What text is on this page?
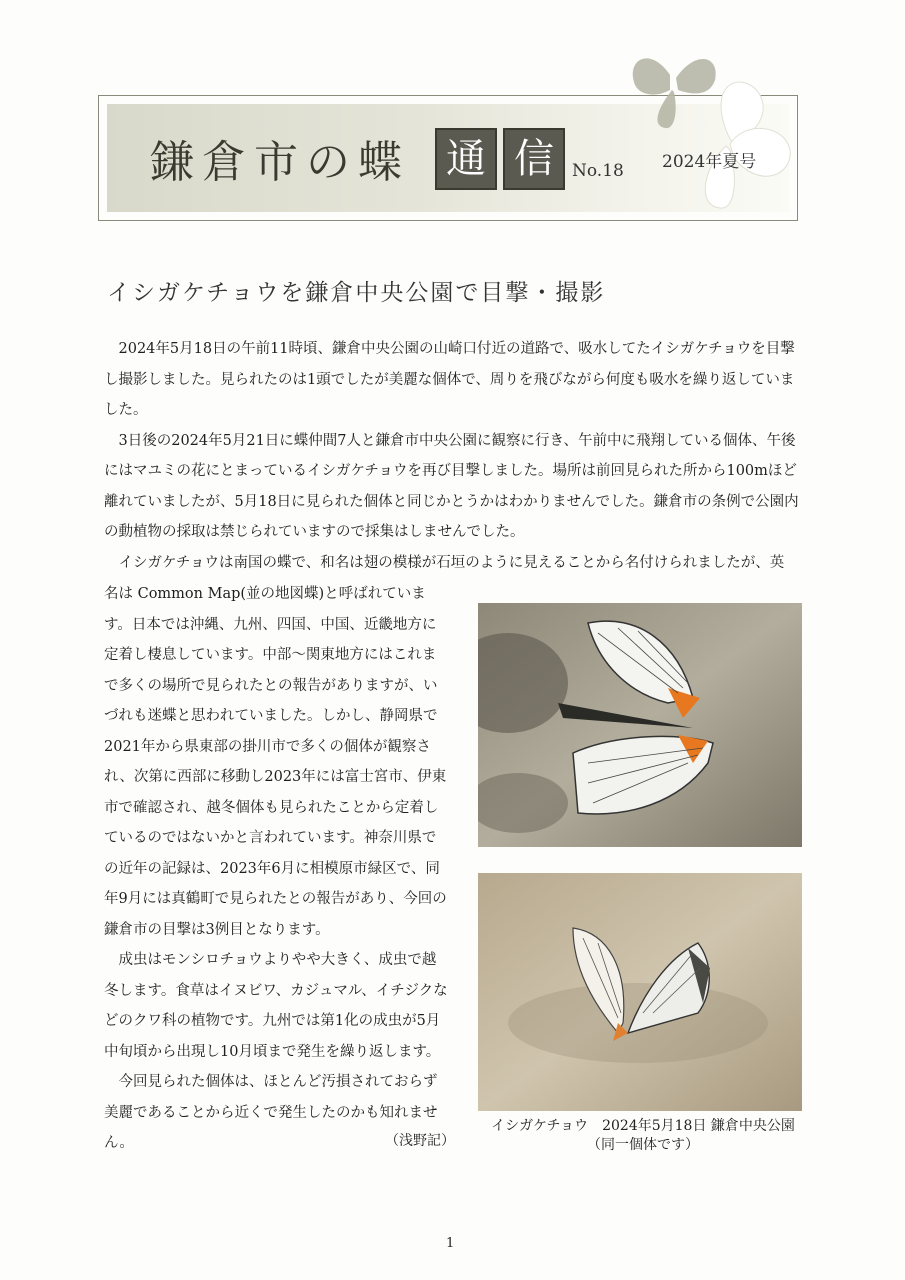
鎌倉市の蝶 通 信	No.18 2024年夏号
イシガケチョウを鎌倉中央公園で目撃・撮影

2024年5月18日の午前11時頃、鎌倉中央公園の山崎口付近の道路で、吸水してたイシガケチョウを目撃し撮影しました。見られたのは1頭でしたが美麗な個体で、周りを飛びながら何度も吸水を繰り返していました。

3日後の2024年5月21日に蝶仲間7人と鎌倉市中央公園に観察に行き、午前中に飛翔している個体、午後にはマユミの花にとまっているイシガケチョウを再び目撃しました。場所は前回見られた所から100mほど離れていましたが、5月18日に見られた個体と同じかとうかはわかりませんでした。鎌倉市の条例で公園内の動植物の採取は禁じられていますので採集はしませんでした。

イシガケチョウは南国の蝶で、和名は翅の模様が石垣のように見えることから名付けられましたが、英

名は Common Map(並の地図蝶)と呼ばれています。日本では沖縄、九州、四国、中国、近畿地方に定着し棲息しています。中部〜関東地方にはこれまで多くの場所で見られたとの報告がありますが、いづれも迷蝶と思われていました。しかし、静岡県で2021年から県東部の掛川市で多くの個体が観察され、次第に西部に移動し2023年には富士宮市、伊東市で確認され、越冬個体も見られたことから定着しているのではないかと言われています。神奈川県での近年の記録は、2023年6月に相模原市緑区で、同年9月には真鶴町で見られたとの報告があり、今回の鎌倉市の目撃は3例目となります。

成虫はモンシロチョウよりやや大きく、成虫で越冬します。食草はイヌビワ、カジュマル、イチジクなどのクワ科の植物です。九州では第1化の成虫が5月中旬頃から出現し10月頃まで発生を繰り返します。

今回見られた個体は、ほとんど汚損されておらず美麗であることから近くで発生したのかも知れません。	（浅野記）
イシガケチョウ　2024年5月18日 鎌倉中央公園
（同一個体です）
1
